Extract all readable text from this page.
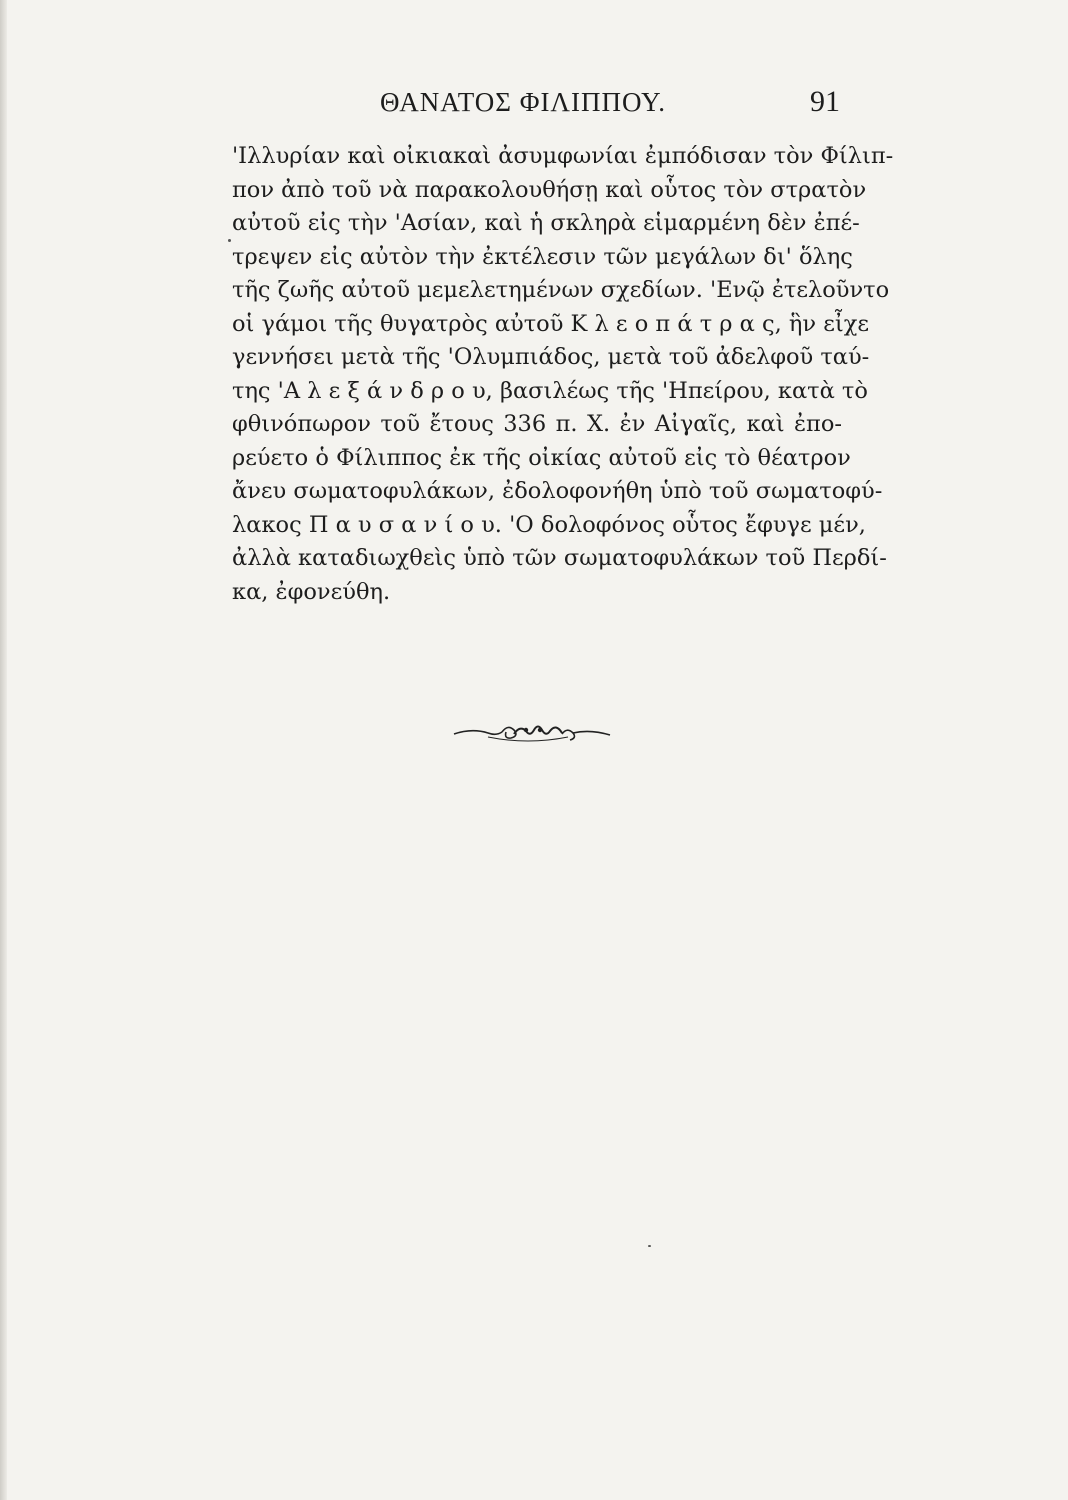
ΘΑΝΑΤΟΣ ΦΙΛΙΠΠΟΥ.	91
'Ιλλυρίαν καὶ οἰκιακαὶ ἀσυμφωνίαι ἐμπόδισαν τὸν Φίλιπ-
πον ἀπὸ τοῦ νὰ παρακολουθήσῃ καὶ οὗτος τὸν στρατὸν
αὐτοῦ εἰς τὴν 'Ασίαν, καὶ ἡ σκληρὰ εἱμαρμένη δὲν ἐπέ-
τρεψεν εἰς αὐτὸν τὴν ἐκτέλεσιν τῶν μεγάλων δι' ὅλης
τῆς ζωῆς αὐτοῦ μεμελετημένων σχεδίων. 'Ενῷ ἐτελοῦντο
οἱ γάμοι τῆς θυγατρὸς αὐτοῦ Κ λ ε ο π ά τ ρ α ς, ἣν εἶχε
γεννήσει μετὰ τῆς 'Ολυμπιάδος, μετὰ τοῦ ἀδελφοῦ ταύ-
της 'Α λ ε ξ ά ν δ ρ ο υ, βασιλέως τῆς 'Ηπείρου, κατὰ τὸ
φθινόπωρον τοῦ ἔτους 336 π. Χ. ἐν Αἰγαῖς, καὶ ἐπο-
ρεύετο ὁ Φίλιππος ἐκ τῆς οἰκίας αὐτοῦ εἰς τὸ θέατρον
ἄνευ σωματοφυλάκων, ἐδολοφονήθη ὑπὸ τοῦ σωματοφύ-
λακος Π α υ σ α ν ί ο υ. 'Ο δολοφόνος οὗτος ἔφυγε μέν,
ἀλλὰ καταδιωχθεὶς ὑπὸ τῶν σωματοφυλάκων τοῦ Περδί-
κα, ἐφονεύθη.
